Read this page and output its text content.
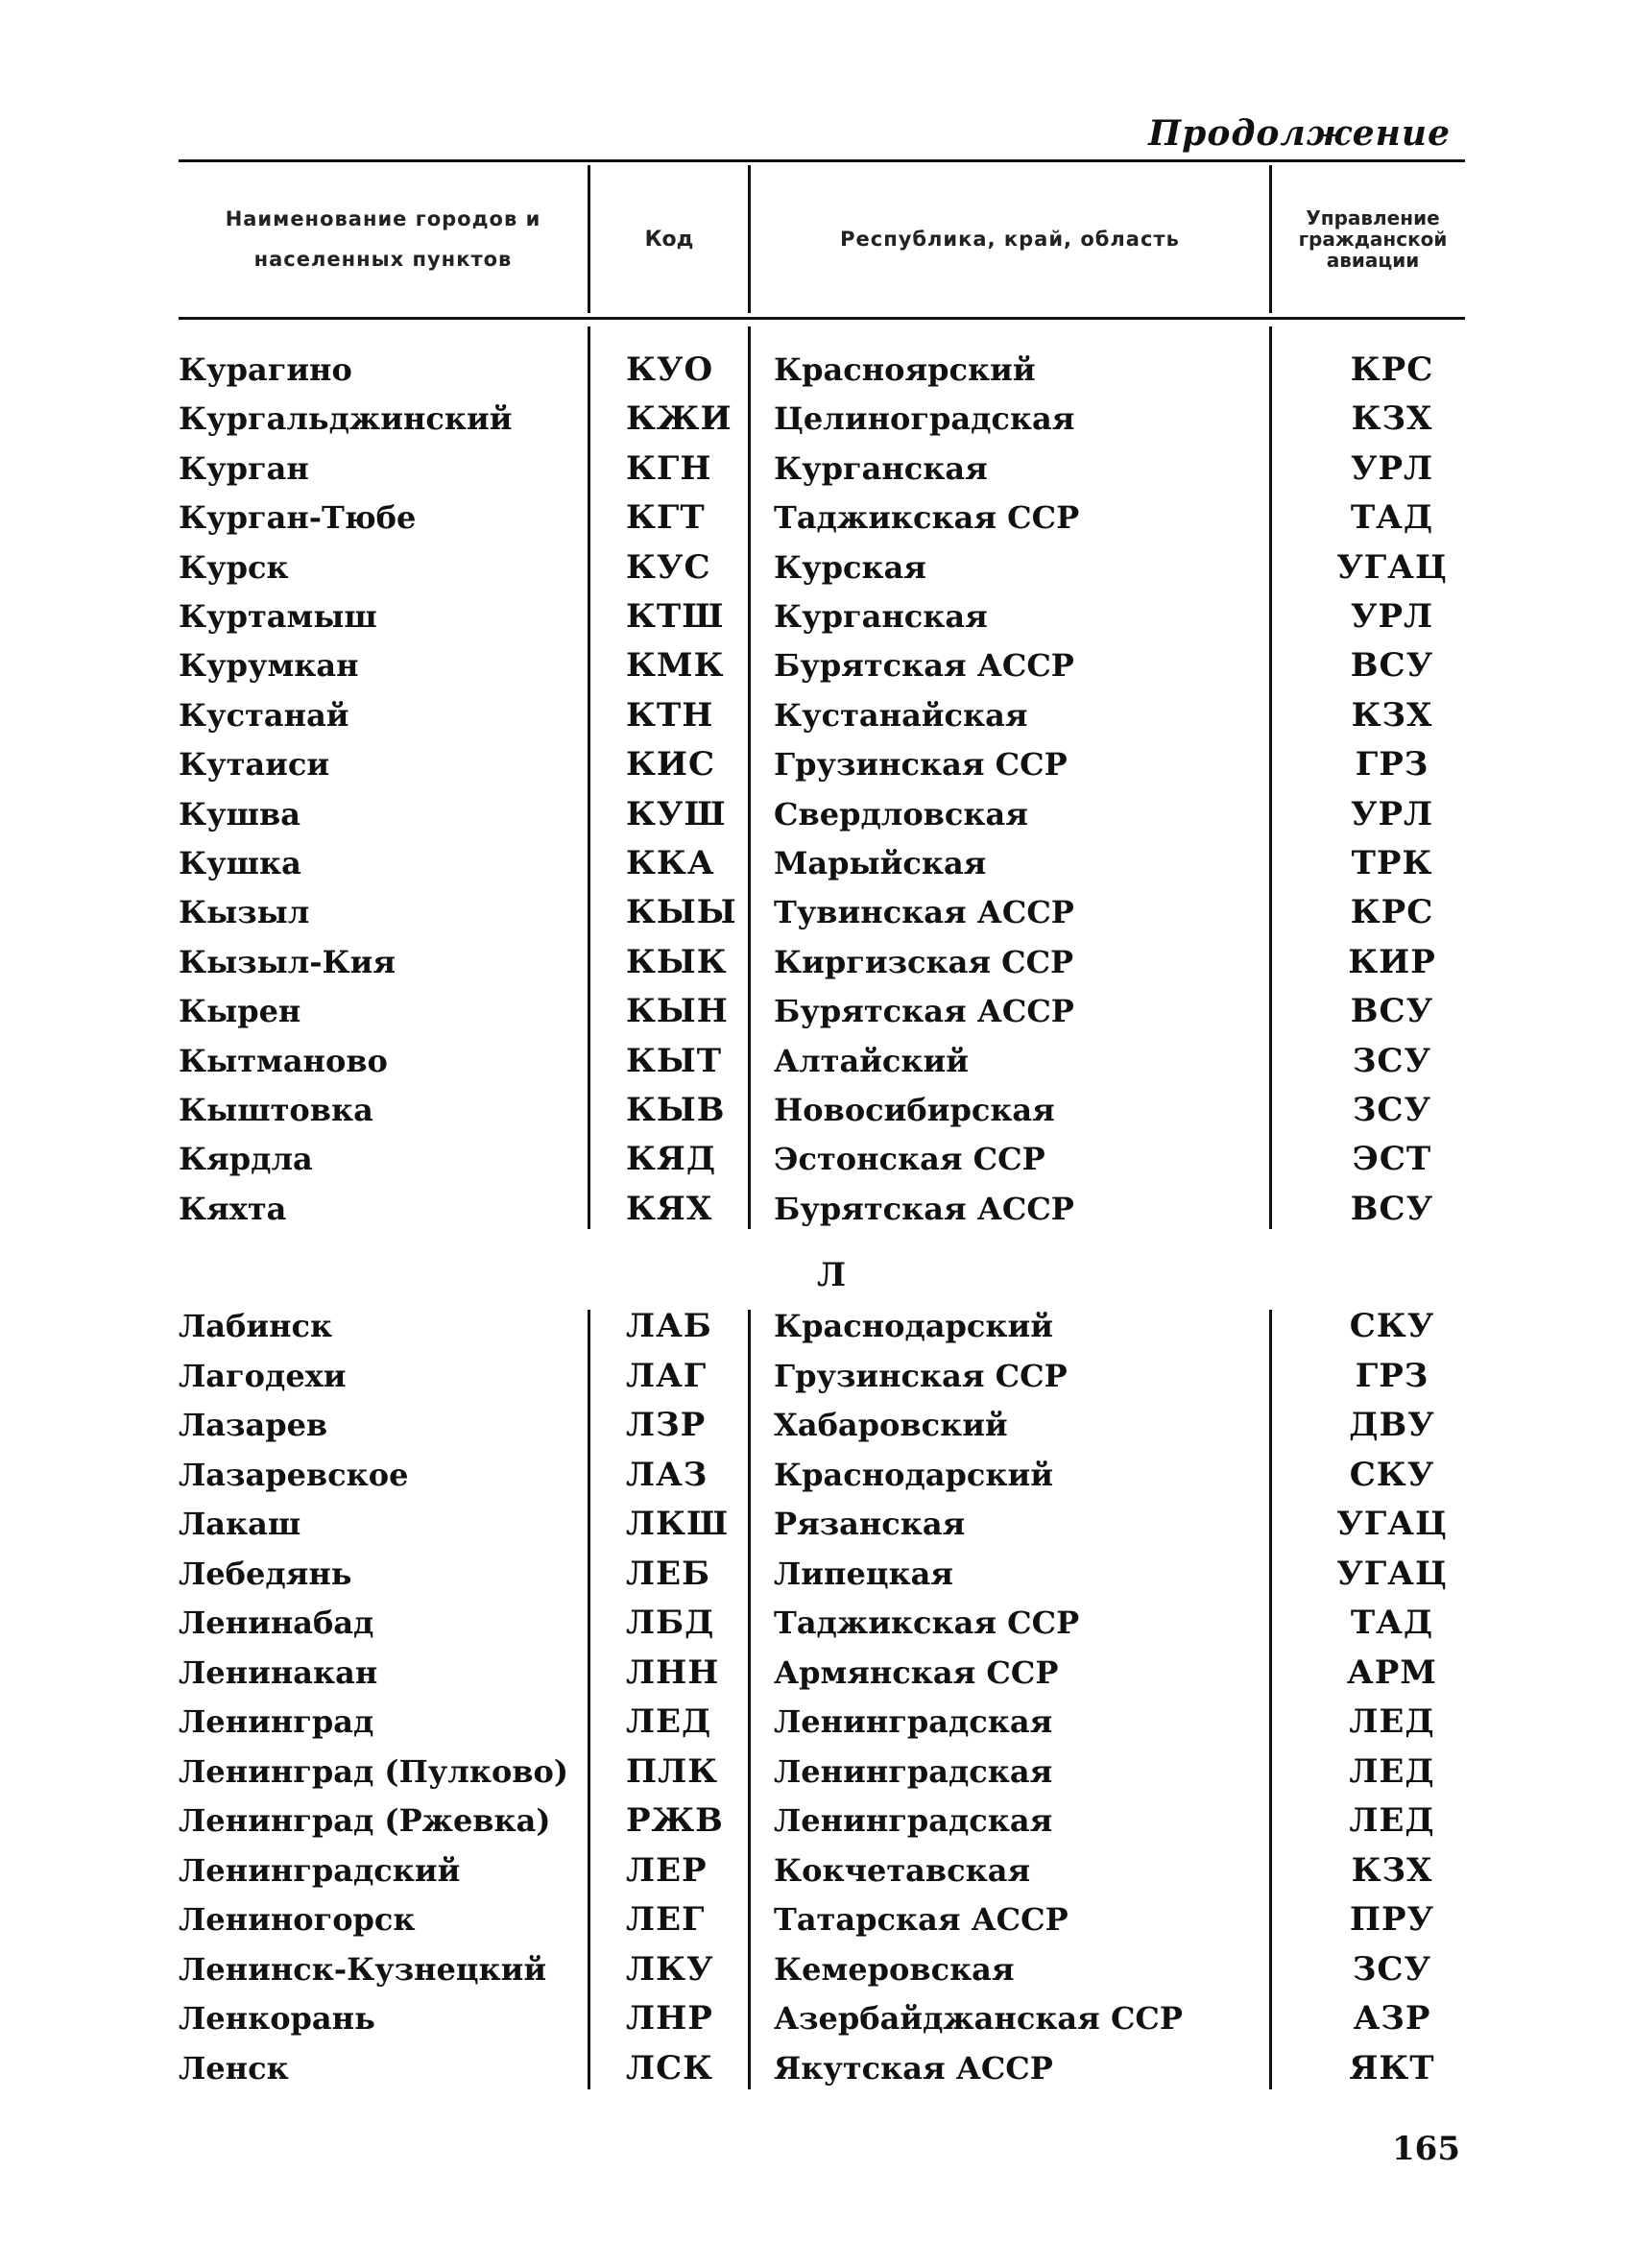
Продолжение
Наименование городов и
населенных пунктов
Код	Республика, край, область
Управление
гражданской
авиации
Курагино	КУО Красноярский	КРС
Кургальджинский	КЖИ Целиноградская	КЗХ
Курган	КГН Курганская	УРЛ
Курган-Тюбе	КГТ Таджикская ССР	ТАД
Курск	КУС Курская	УГАЦ
Куртамыш	КТШ Курганская	УРЛ
Курумкан	КМК Бурятская АССР	ВСУ
Кустанай	КТН Кустанайская	КЗХ
Кутаиси	КИС Грузинская ССР	ГРЗ
Кушва	КУШ Свердловская	УРЛ
Кушка	ККА Марыйская	ТРК
Кызыл	КЫЫ Тувинская АССР	КРС
Кызыл-Кия	КЫК Киргизская ССР	КИР
Кырен	КЫН Бурятская АССР	ВСУ
Кытманово	КЫТ Алтайский	ЗСУ
Кыштовка	КЫВ Новосибирская	ЗСУ
Кярдла	КЯД Эстонская ССР	ЭСТ
Кяхта	КЯХ Бурятская АССР	ВСУ
Л
Лабинск	ЛАБ Краснодарский	СКУ
Лагодехи	ЛАГ Грузинская ССР	ГРЗ
Лазарев	ЛЗР Хабаровский	ДВУ
Лазаревское	ЛАЗ Краснодарский	СКУ
Лакаш	ЛКШ Рязанская	УГАЦ
Лебедянь	ЛЕБ Липецкая	УГАЦ
Ленинабад	ЛБД Таджикская ССР	ТАД
Ленинакан	ЛНН Армянская ССР	АРМ
Ленинград	ЛЕД Ленинградская	ЛЕД
Ленинград (Пулково) ПЛК Ленинградская	ЛЕД
Ленинград (Ржевка) РЖВ Ленинградская	ЛЕД
Ленинградский	ЛЕР Кокчетавская	КЗХ
Лениногорск	ЛЕГ Татарская АССР	ПРУ
Ленинск-Кузнецкий ЛКУ Кемеровская	ЗСУ
Ленкорань	ЛНР Азербайджанская ССР	АЗР
Ленск	ЛСК Якутская АССР	ЯКТ
165
